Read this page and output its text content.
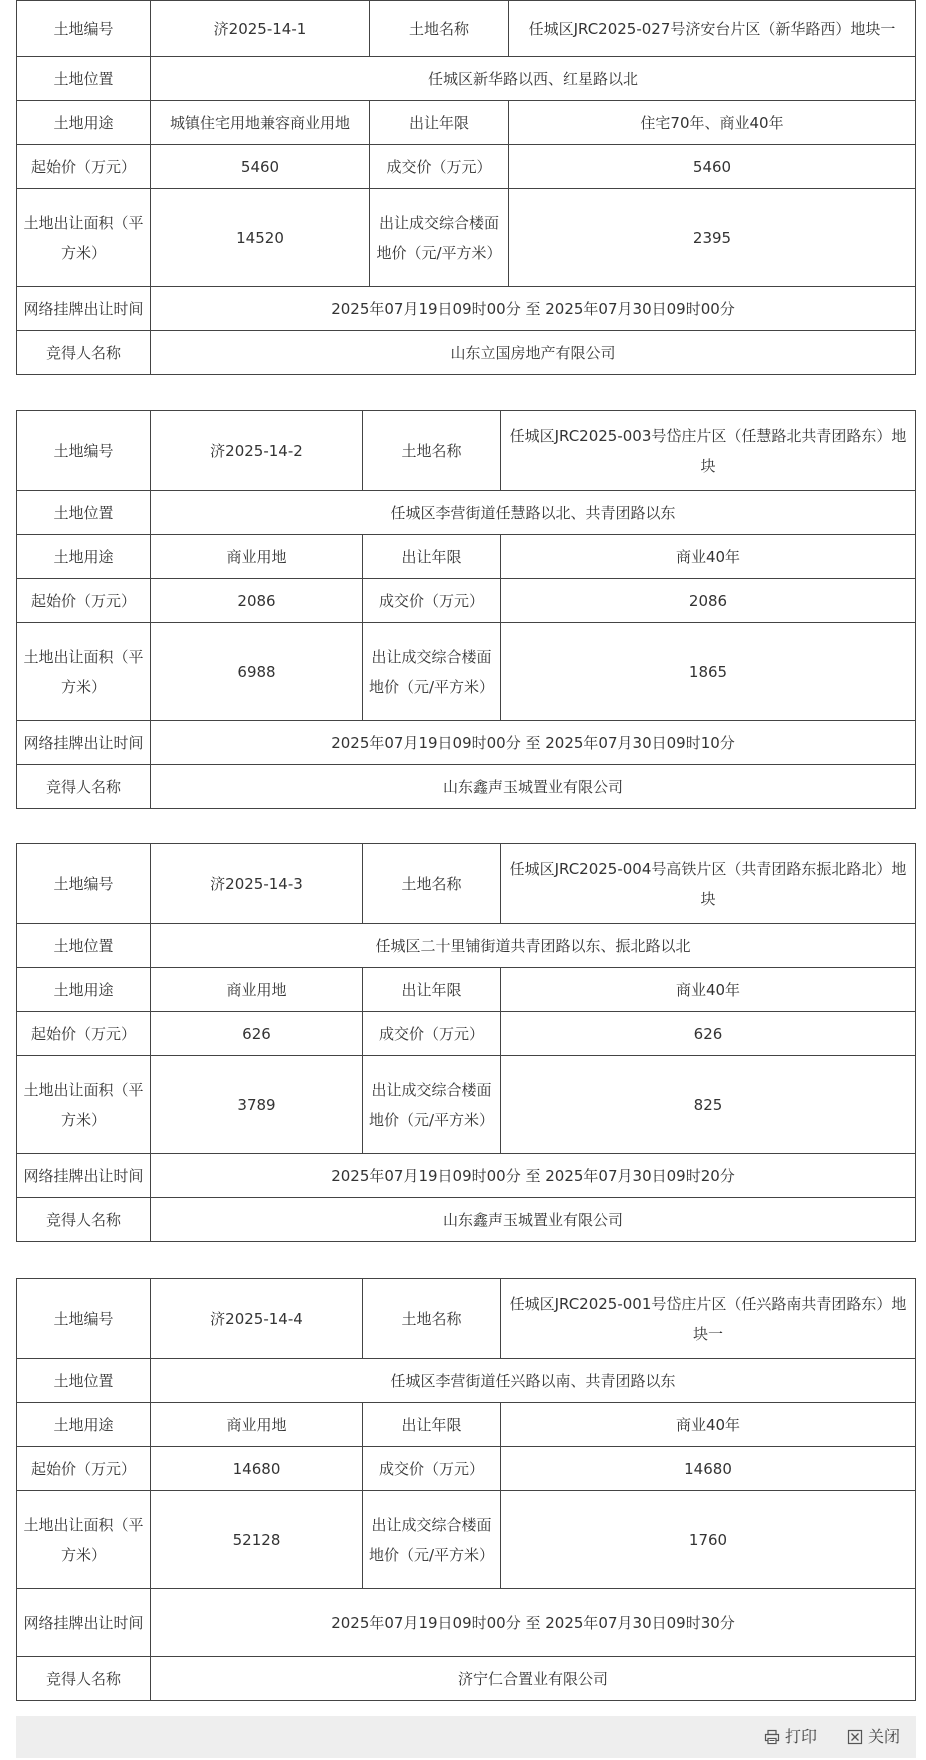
土地编号	济2025-14-1	土地名称	任城区JRC2025-027号济安台片区（新华路西）地块一
土地位置	任城区新华路以西、红星路以北		
土地用途	城镇住宅用地兼容商业用地	出让年限	住宅70年、商业40年
起始价（万元）	5460	成交价（万元）	5460
土地出让面积（平方米）	14520	出让成交综合楼面地价（元/平方米）	2395
网络挂牌出让时间	2025年07月19日09时00分 至 2025年07月30日09时00分		
竞得人名称	山东立国房地产有限公司		
土地编号	济2025-14-2	土地名称	任城区JRC2025-003号岱庄片区（任慧路北共青团路东）地块
土地位置	任城区李营街道任慧路以北、共青团路以东		
土地用途	商业用地	出让年限	商业40年
起始价（万元）	2086	成交价（万元）	2086
土地出让面积（平方米）	6988	出让成交综合楼面地价（元/平方米）	1865
网络挂牌出让时间	2025年07月19日09时00分 至 2025年07月30日09时10分		
竞得人名称	山东鑫声玉城置业有限公司		
土地编号	济2025-14-3	土地名称	任城区JRC2025-004号高铁片区（共青团路东振北路北）地块
土地位置	任城区二十里铺街道共青团路以东、振北路以北		
土地用途	商业用地	出让年限	商业40年
起始价（万元）	626	成交价（万元）	626
土地出让面积（平方米）	3789	出让成交综合楼面地价（元/平方米）	825
网络挂牌出让时间	2025年07月19日09时00分 至 2025年07月30日09时20分		
竞得人名称	山东鑫声玉城置业有限公司		
土地编号	济2025-14-4	土地名称	任城区JRC2025-001号岱庄片区（任兴路南共青团路东）地块一
土地位置	任城区李营街道任兴路以南、共青团路以东		
土地用途	商业用地	出让年限	商业40年
起始价（万元）	14680	成交价（万元）	14680
土地出让面积（平方米）	52128	出让成交综合楼面地价（元/平方米）	1760
网络挂牌出让时间	2025年07月19日09时00分 至 2025年07月30日09时30分		
竞得人名称	济宁仁合置业有限公司		
打印	关闭
